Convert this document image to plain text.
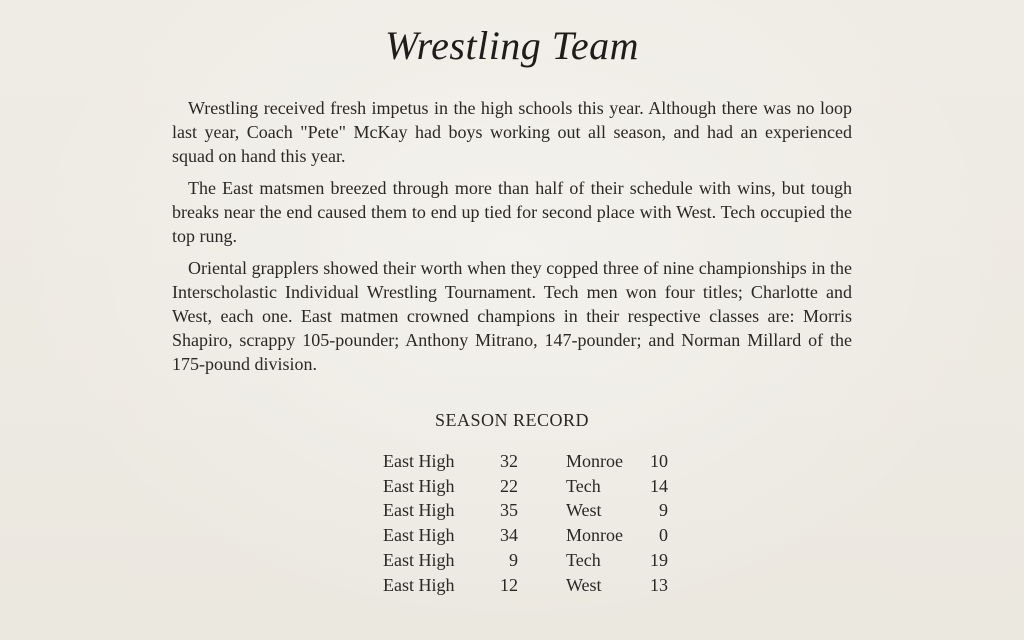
Wrestling Team

Wrestling received fresh impetus in the high schools this year. Although there was no loop last year, Coach "Pete" McKay had boys working out all season, and had an experienced squad on hand this year.

The East matsmen breezed through more than half of their schedule with wins, but tough breaks near the end caused them to end up tied for second place with West. Tech occupied the top rung.

Oriental grapplers showed their worth when they copped three of nine championships in the Interscholastic Individual Wrestling Tournament. Tech men won four titles; Charlotte and West, each one. East matmen crowned champions in their respective classes are: Morris Shapiro, scrappy 105-pounder; Anthony Mitrano, 147-pounder; and Norman Millard of the 175-pound division.

SEASON RECORD
East High	32	Monroe	10
East High	22	Tech	14
East High	35	West	9
East High	34	Monroe	0
East High	9	Tech	19
East High	12	West	13
